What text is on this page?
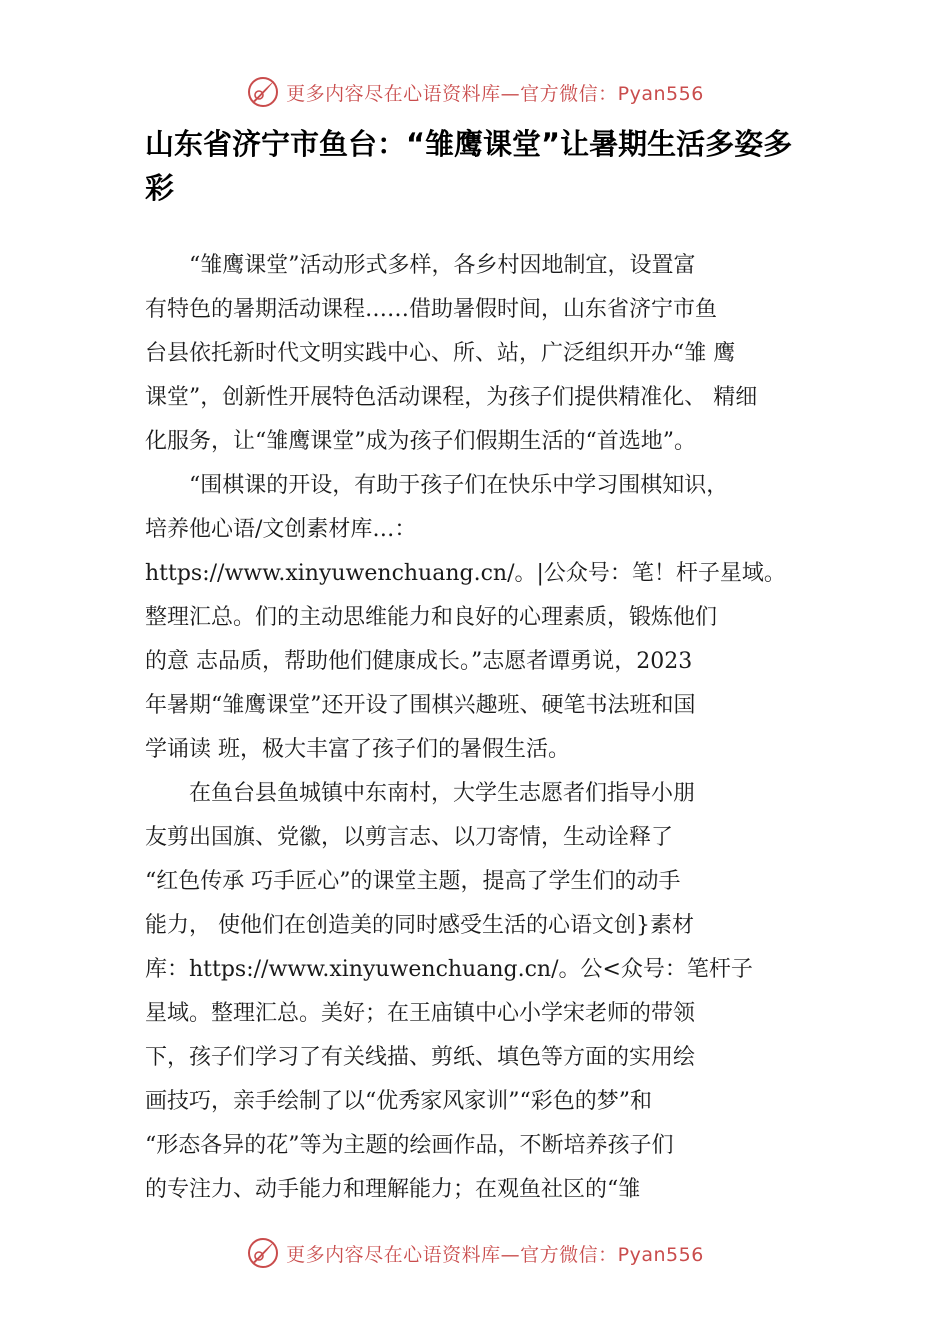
更多内容尽在心语资料库—官方微信：Pyan556
山东省济宁市鱼台：“雏鹰课堂”让暑期生活多姿多
彩
　　“雏鹰课堂”活动形式多样，各乡村因地制宜，设置富
有特色的暑期活动课程……借助暑假时间，山东省济宁市鱼
台县依托新时代文明实践中心、所、站，广泛组织开办“雏 鹰
课堂”，创新性开展特色活动课程，为孩子们提供精准化、 精细
化服务，让“雏鹰课堂”成为孩子们假期生活的“首选地”。
　　“围棋课的开设，有助于孩子们在快乐中学习围棋知识，
培养他心语/文创素材库…：
https://www.xinyuwenchuang.cn/。|公众号：笔！杆子星域。
整理汇总。们的主动思维能力和良好的心理素质，锻炼他们
的意 志品质，帮助他们健康成长。”志愿者谭勇说，2023
年暑期“雏鹰课堂”还开设了围棋兴趣班、硬笔书法班和国
学诵读 班，极大丰富了孩子们的暑假生活。
　　在鱼台县鱼城镇中东南村，大学生志愿者们指导小朋
友剪出国旗、党徽，以剪言志、以刀寄情，生动诠释了
“红色传承 巧手匠心”的课堂主题，提高了学生们的动手
能力， 使他们在创造美的同时感受生活的心语文创}素材
库：https://www.xinyuwenchuang.cn/。公<众号：笔杆子
星域。整理汇总。美好；在王庙镇中心小学宋老师的带领
下，孩子们学习了有关线描、剪纸、填色等方面的实用绘
画技巧，亲手绘制了以“优秀家风家训”“彩色的梦”和
“形态各异的花”等为主题的绘画作品，不断培养孩子们
的专注力、动手能力和理解能力；在观鱼社区的“雏
更多内容尽在心语资料库—官方微信：Pyan556
